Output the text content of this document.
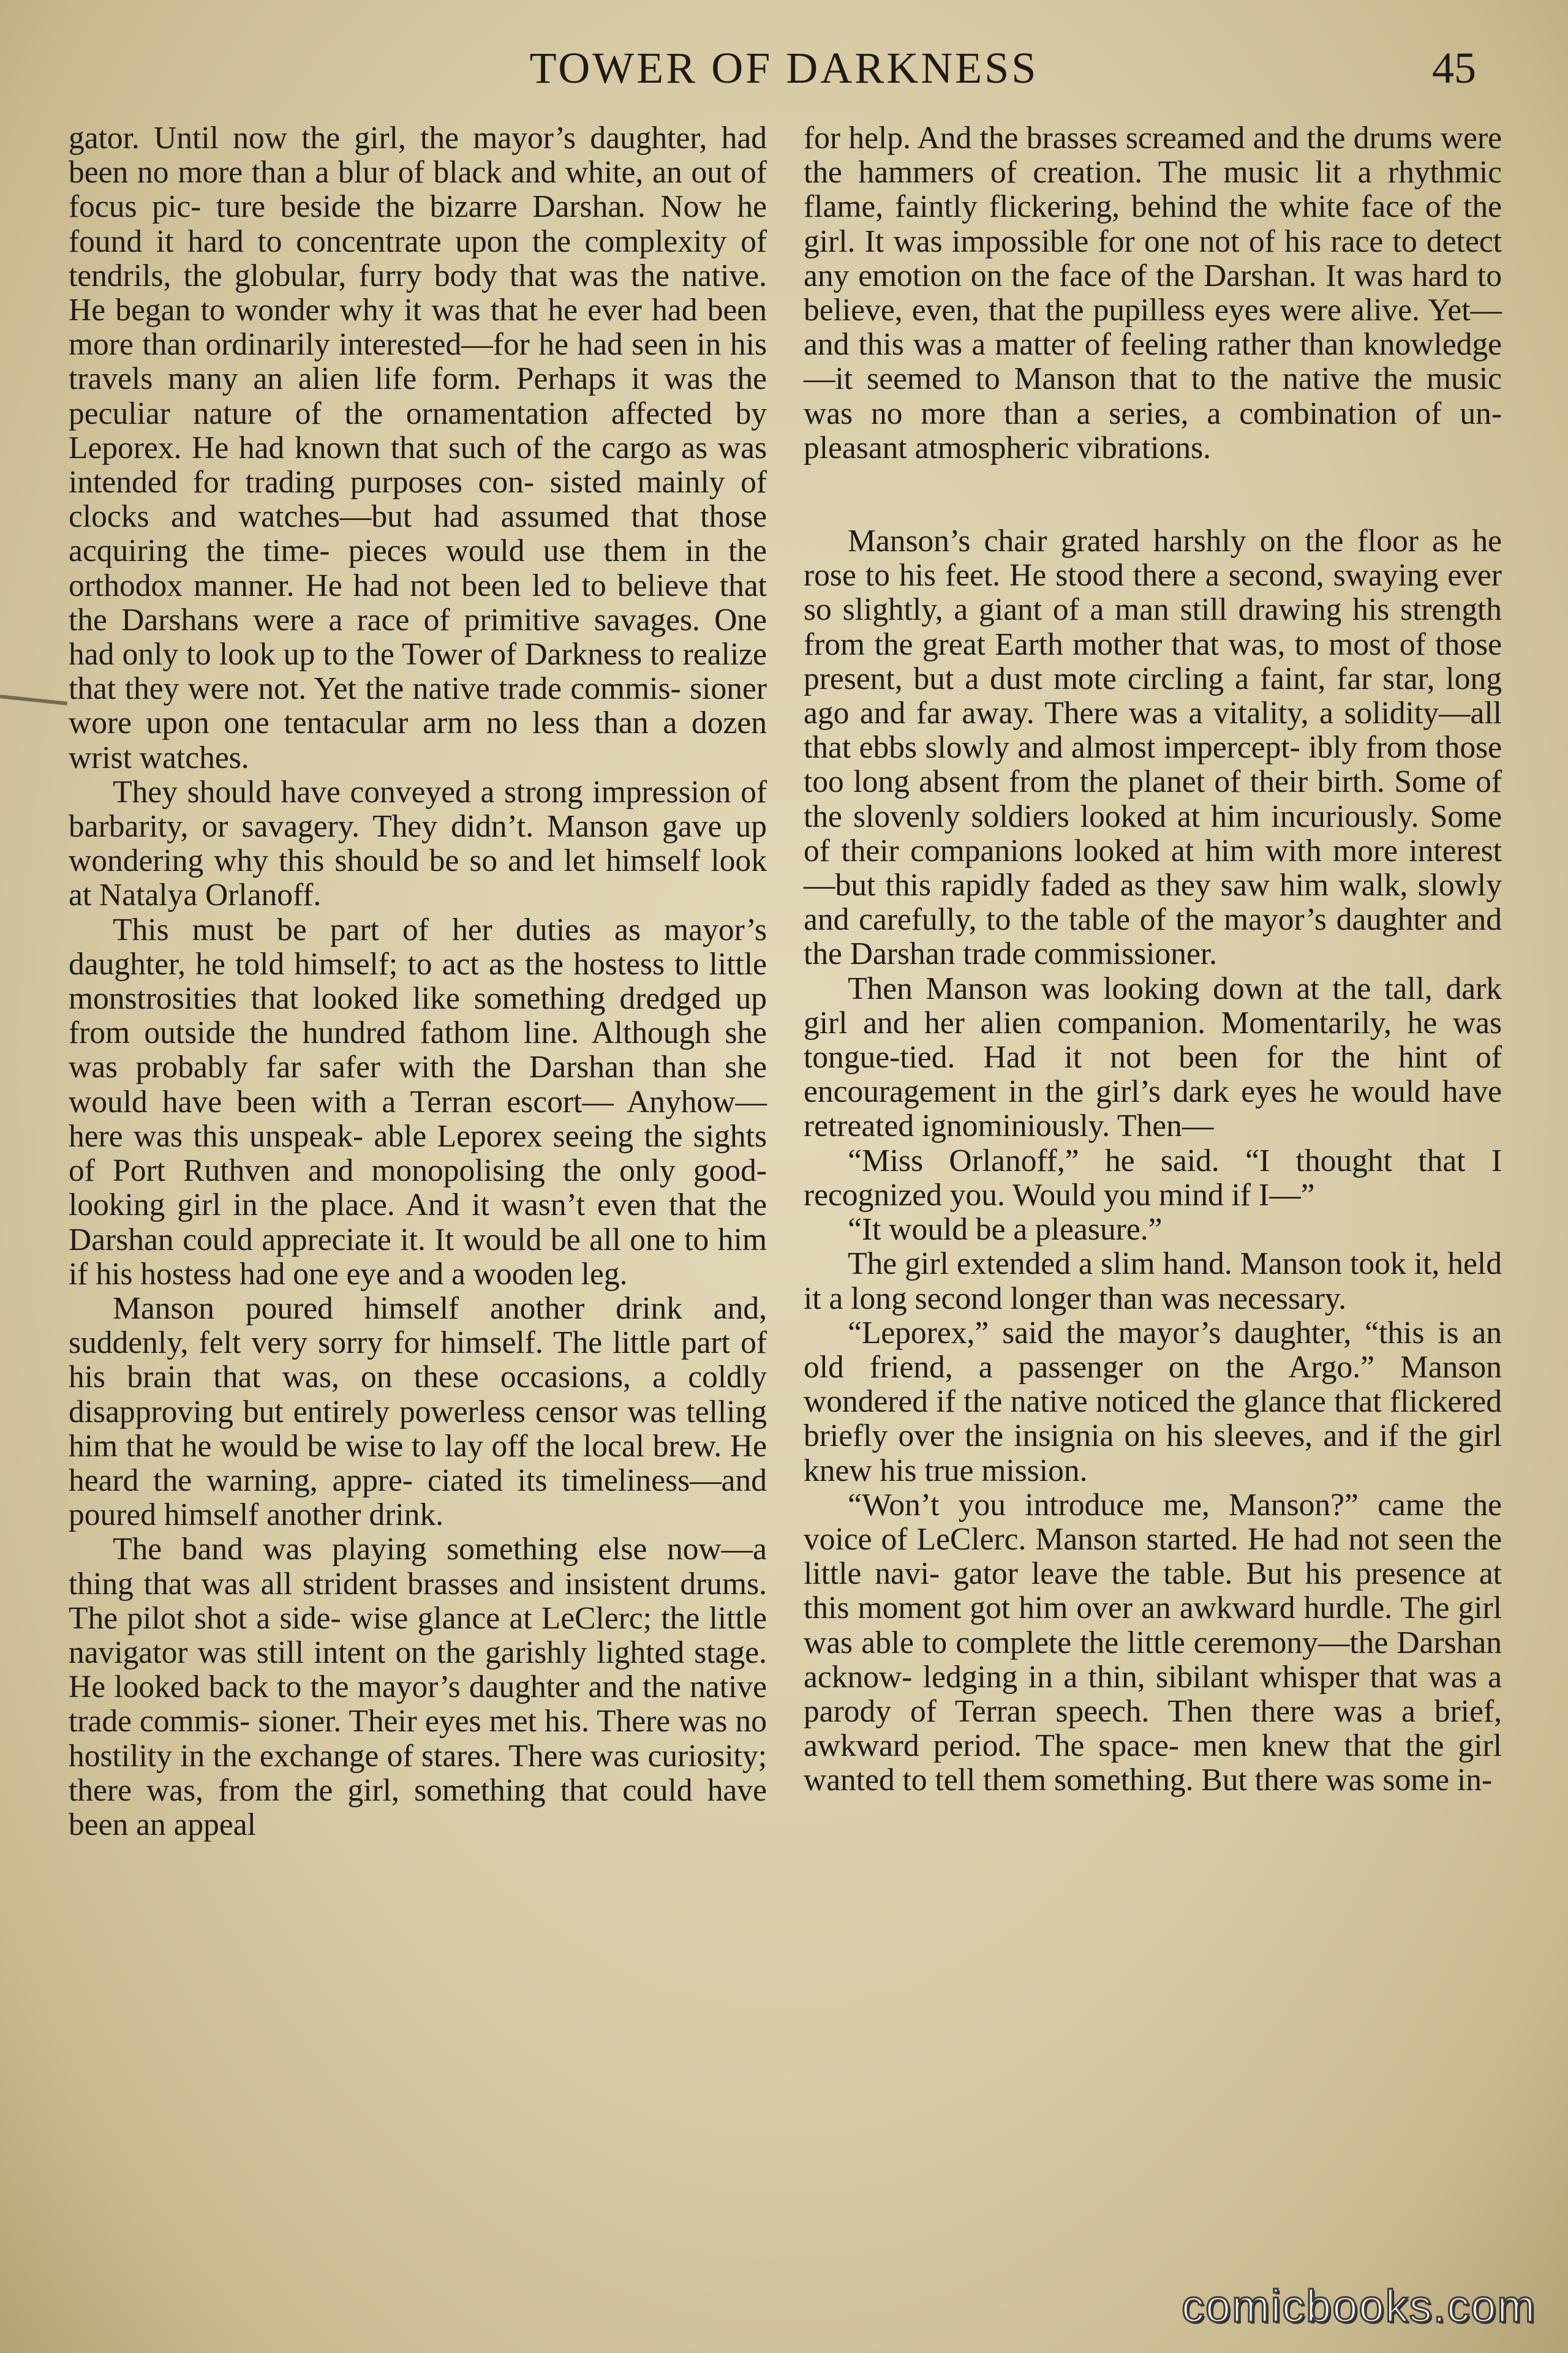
TOWER OF DARKNESS	45

gator. Until now the girl, the mayor’s daughter, had been no more than a blur of black and white, an out of focus pic- ture beside the bizarre Darshan. Now he found it hard to concentrate upon the complexity of tendrils, the globular, furry body that was the native. He began to wonder why it was that he ever had been more than ordinarily interested—for he had seen in his travels many an alien life form. Perhaps it was the peculiar nature of the ornamentation affected by Leporex. He had known that such of the cargo as was intended for trading purposes con- sisted mainly of clocks and watches—but had assumed that those acquiring the time- pieces would use them in the orthodox manner. He had not been led to believe that the Darshans were a race of primitive savages. One had only to look up to the Tower of Darkness to realize that they were not. Yet the native trade commis- sioner wore upon one tentacular arm no less than a dozen wrist watches.

They should have conveyed a strong impression of barbarity, or savagery. They didn’t. Manson gave up wondering why this should be so and let himself look at Natalya Orlanoff.

This must be part of her duties as mayor’s daughter, he told himself; to act as the hostess to little monstrosities that looked like something dredged up from outside the hundred fathom line. Although she was probably far safer with the Darshan than she would have been with a Terran escort— Anyhow—here was this unspeak- able Leporex seeing the sights of Port Ruthven and monopolising the only good- looking girl in the place. And it wasn’t even that the Darshan could appreciate it. It would be all one to him if his hostess had one eye and a wooden leg.

Manson poured himself another drink and, suddenly, felt very sorry for himself. The little part of his brain that was, on these occasions, a coldly disapproving but entirely powerless censor was telling him that he would be wise to lay off the local brew. He heard the warning, appre- ciated its timeliness—and poured himself another drink.

The band was playing something else now—a thing that was all strident brasses and insistent drums. The pilot shot a side- wise glance at LeClerc; the little navigator was still intent on the garishly lighted stage. He looked back to the mayor’s daughter and the native trade commis- sioner. Their eyes met his. There was no hostility in the exchange of stares. There was curiosity; there was, from the girl, something that could have been an appeal

for help. And the brasses screamed and the drums were the hammers of creation. The music lit a rhythmic flame, faintly flickering, behind the white face of the girl. It was impossible for one not of his race to detect any emotion on the face of the Darshan. It was hard to believe, even, that the pupilless eyes were alive. Yet—and this was a matter of feeling rather than knowledge—it seemed to Manson that to the native the music was no more than a series, a combination of un- pleasant atmospheric vibrations.

Manson’s chair grated harshly on the floor as he rose to his feet. He stood there a second, swaying ever so slightly, a giant of a man still drawing his strength from the great Earth mother that was, to most of those present, but a dust mote circling a faint, far star, long ago and far away. There was a vitality, a solidity—all that ebbs slowly and almost impercept- ibly from those too long absent from the planet of their birth. Some of the slovenly soldiers looked at him incuriously. Some of their companions looked at him with more interest—but this rapidly faded as they saw him walk, slowly and carefully, to the table of the mayor’s daughter and the Darshan trade commissioner.

Then Manson was looking down at the tall, dark girl and her alien companion. Momentarily, he was tongue-tied. Had it not been for the hint of encouragement in the girl’s dark eyes he would have retreated ignominiously. Then—

“Miss Orlanoff,” he said. “I thought that I recognized you. Would you mind if I—”

“It would be a pleasure.”

The girl extended a slim hand. Manson took it, held it a long second longer than was necessary.

“Leporex,” said the mayor’s daughter, “this is an old friend, a passenger on the Argo.” Manson wondered if the native noticed the glance that flickered briefly over the insignia on his sleeves, and if the girl knew his true mission.

“Won’t you introduce me, Manson?” came the voice of LeClerc. Manson started. He had not seen the little navi- gator leave the table. But his presence at this moment got him over an awkward hurdle. The girl was able to complete the little ceremony—the Darshan acknow- ledging in a thin, sibilant whisper that was a parody of Terran speech. Then there was a brief, awkward period. The space- men knew that the girl wanted to tell them something. But there was some in-

comicbooks.com
